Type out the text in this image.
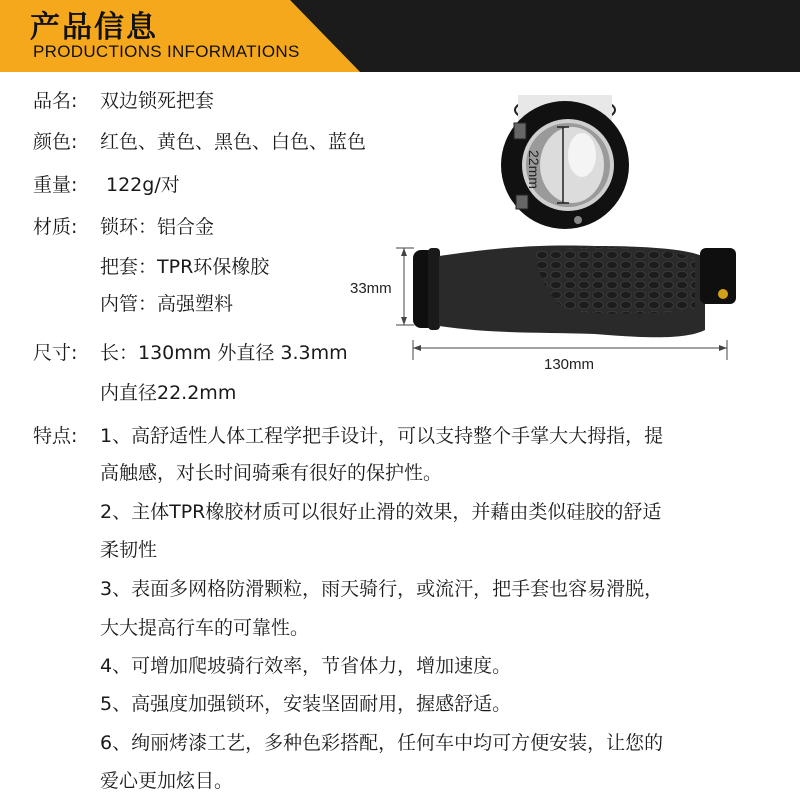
产品信息
PRODUCTIONS INFORMATIONS
品名: 双边锁死把套
颜色: 红色、黄色、黑色、白色、蓝色
重量: 122g/对
材质: 锁环：铝合金
把套：TPR环保橡胶
内管：高强塑料
尺寸: 长：130mm 外直径 3.3mm
内直径22.2mm
22mm
33mm
130mm
特点: 1、高舒适性人体工程学把手设计，可以支持整个手掌大大拇指，提
高触感，对长时间骑乘有很好的保护性。
2、主体TPR橡胶材质可以很好止滑的效果，并藉由类似硅胶的舒适
柔韧性
3、表面多网格防滑颗粒，雨天骑行，或流汗，把手套也容易滑脱，
大大提高行车的可靠性。
4、可增加爬坡骑行效率，节省体力，增加速度。
5、高强度加强锁环，安装坚固耐用，握感舒适。
6、绚丽烤漆工艺，多种色彩搭配，任何车中均可方便安装，让您的
爱心更加炫目。
